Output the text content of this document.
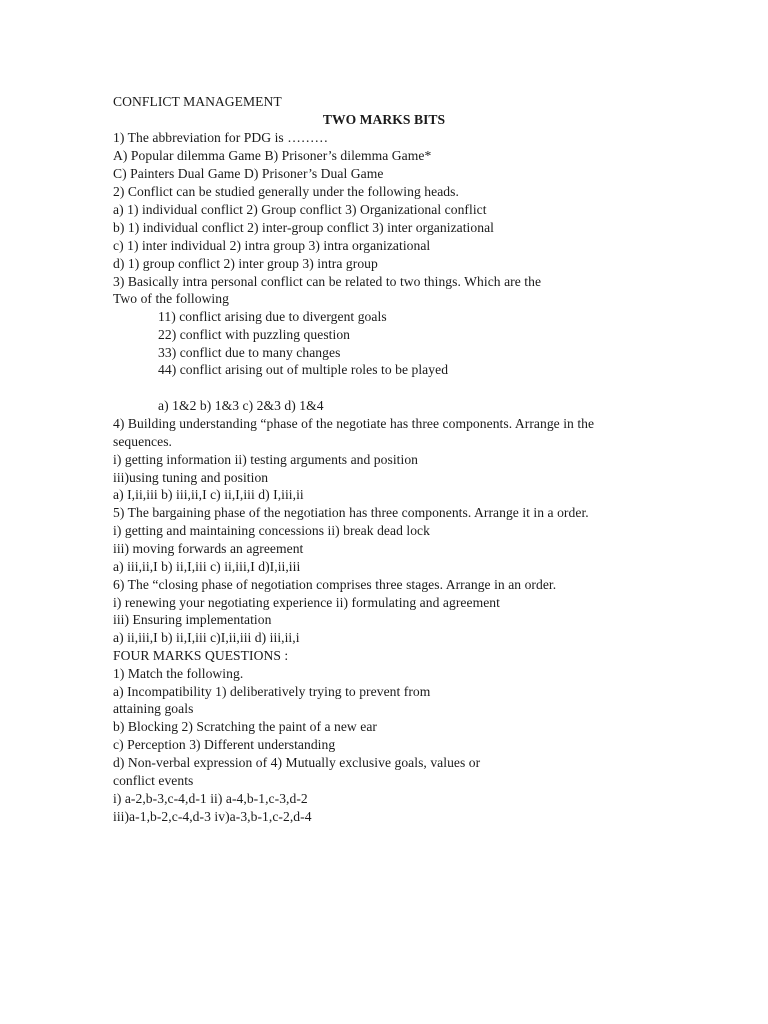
CONFLICT MANAGEMENT
TWO MARKS BITS
1) The abbreviation for PDG is ………
A) Popular dilemma Game B) Prisoner’s dilemma Game*
C) Painters Dual Game D) Prisoner’s Dual Game
2) Conflict can be studied generally under the following heads.
a) 1) individual conflict 2) Group conflict 3) Organizational conflict
b) 1) individual conflict 2) inter-group conflict 3) inter organizational
c) 1) inter individual 2) intra group 3) intra organizational
d) 1) group conflict 2) inter group 3) intra group
3) Basically intra personal conflict can be related to two things. Which are the
Two of the following
11) conflict arising due to divergent goals
22) conflict with puzzling question
33) conflict due to many changes
44) conflict arising out of multiple roles to be played
a) 1&2 b) 1&3 c) 2&3 d) 1&4
4) Building understanding “phase of the negotiate has three components. Arrange in the
sequences.
i) getting information ii) testing arguments and position
iii)using tuning and position
a) I,ii,iii b) iii,ii,I c) ii,I,iii d) I,iii,ii
5) The bargaining phase of the negotiation has three components. Arrange it in a order.
i) getting and maintaining concessions ii) break dead lock
iii) moving forwards an agreement
a) iii,ii,I b) ii,I,iii c) ii,iii,I d)I,ii,iii
6) The “closing phase of negotiation comprises three stages. Arrange in an order.
i) renewing your negotiating experience ii) formulating and agreement
iii) Ensuring implementation
a) ii,iii,I b) ii,I,iii c)I,ii,iii d) iii,ii,i
FOUR MARKS QUESTIONS :
1) Match the following.
a) Incompatibility 1) deliberatively trying to prevent from
attaining goals
b) Blocking 2) Scratching the paint of a new ear
c) Perception 3) Different understanding
d) Non-verbal expression of 4) Mutually exclusive goals, values or
conflict events
i) a-2,b-3,c-4,d-1 ii) a-4,b-1,c-3,d-2
iii)a-1,b-2,c-4,d-3 iv)a-3,b-1,c-2,d-4
